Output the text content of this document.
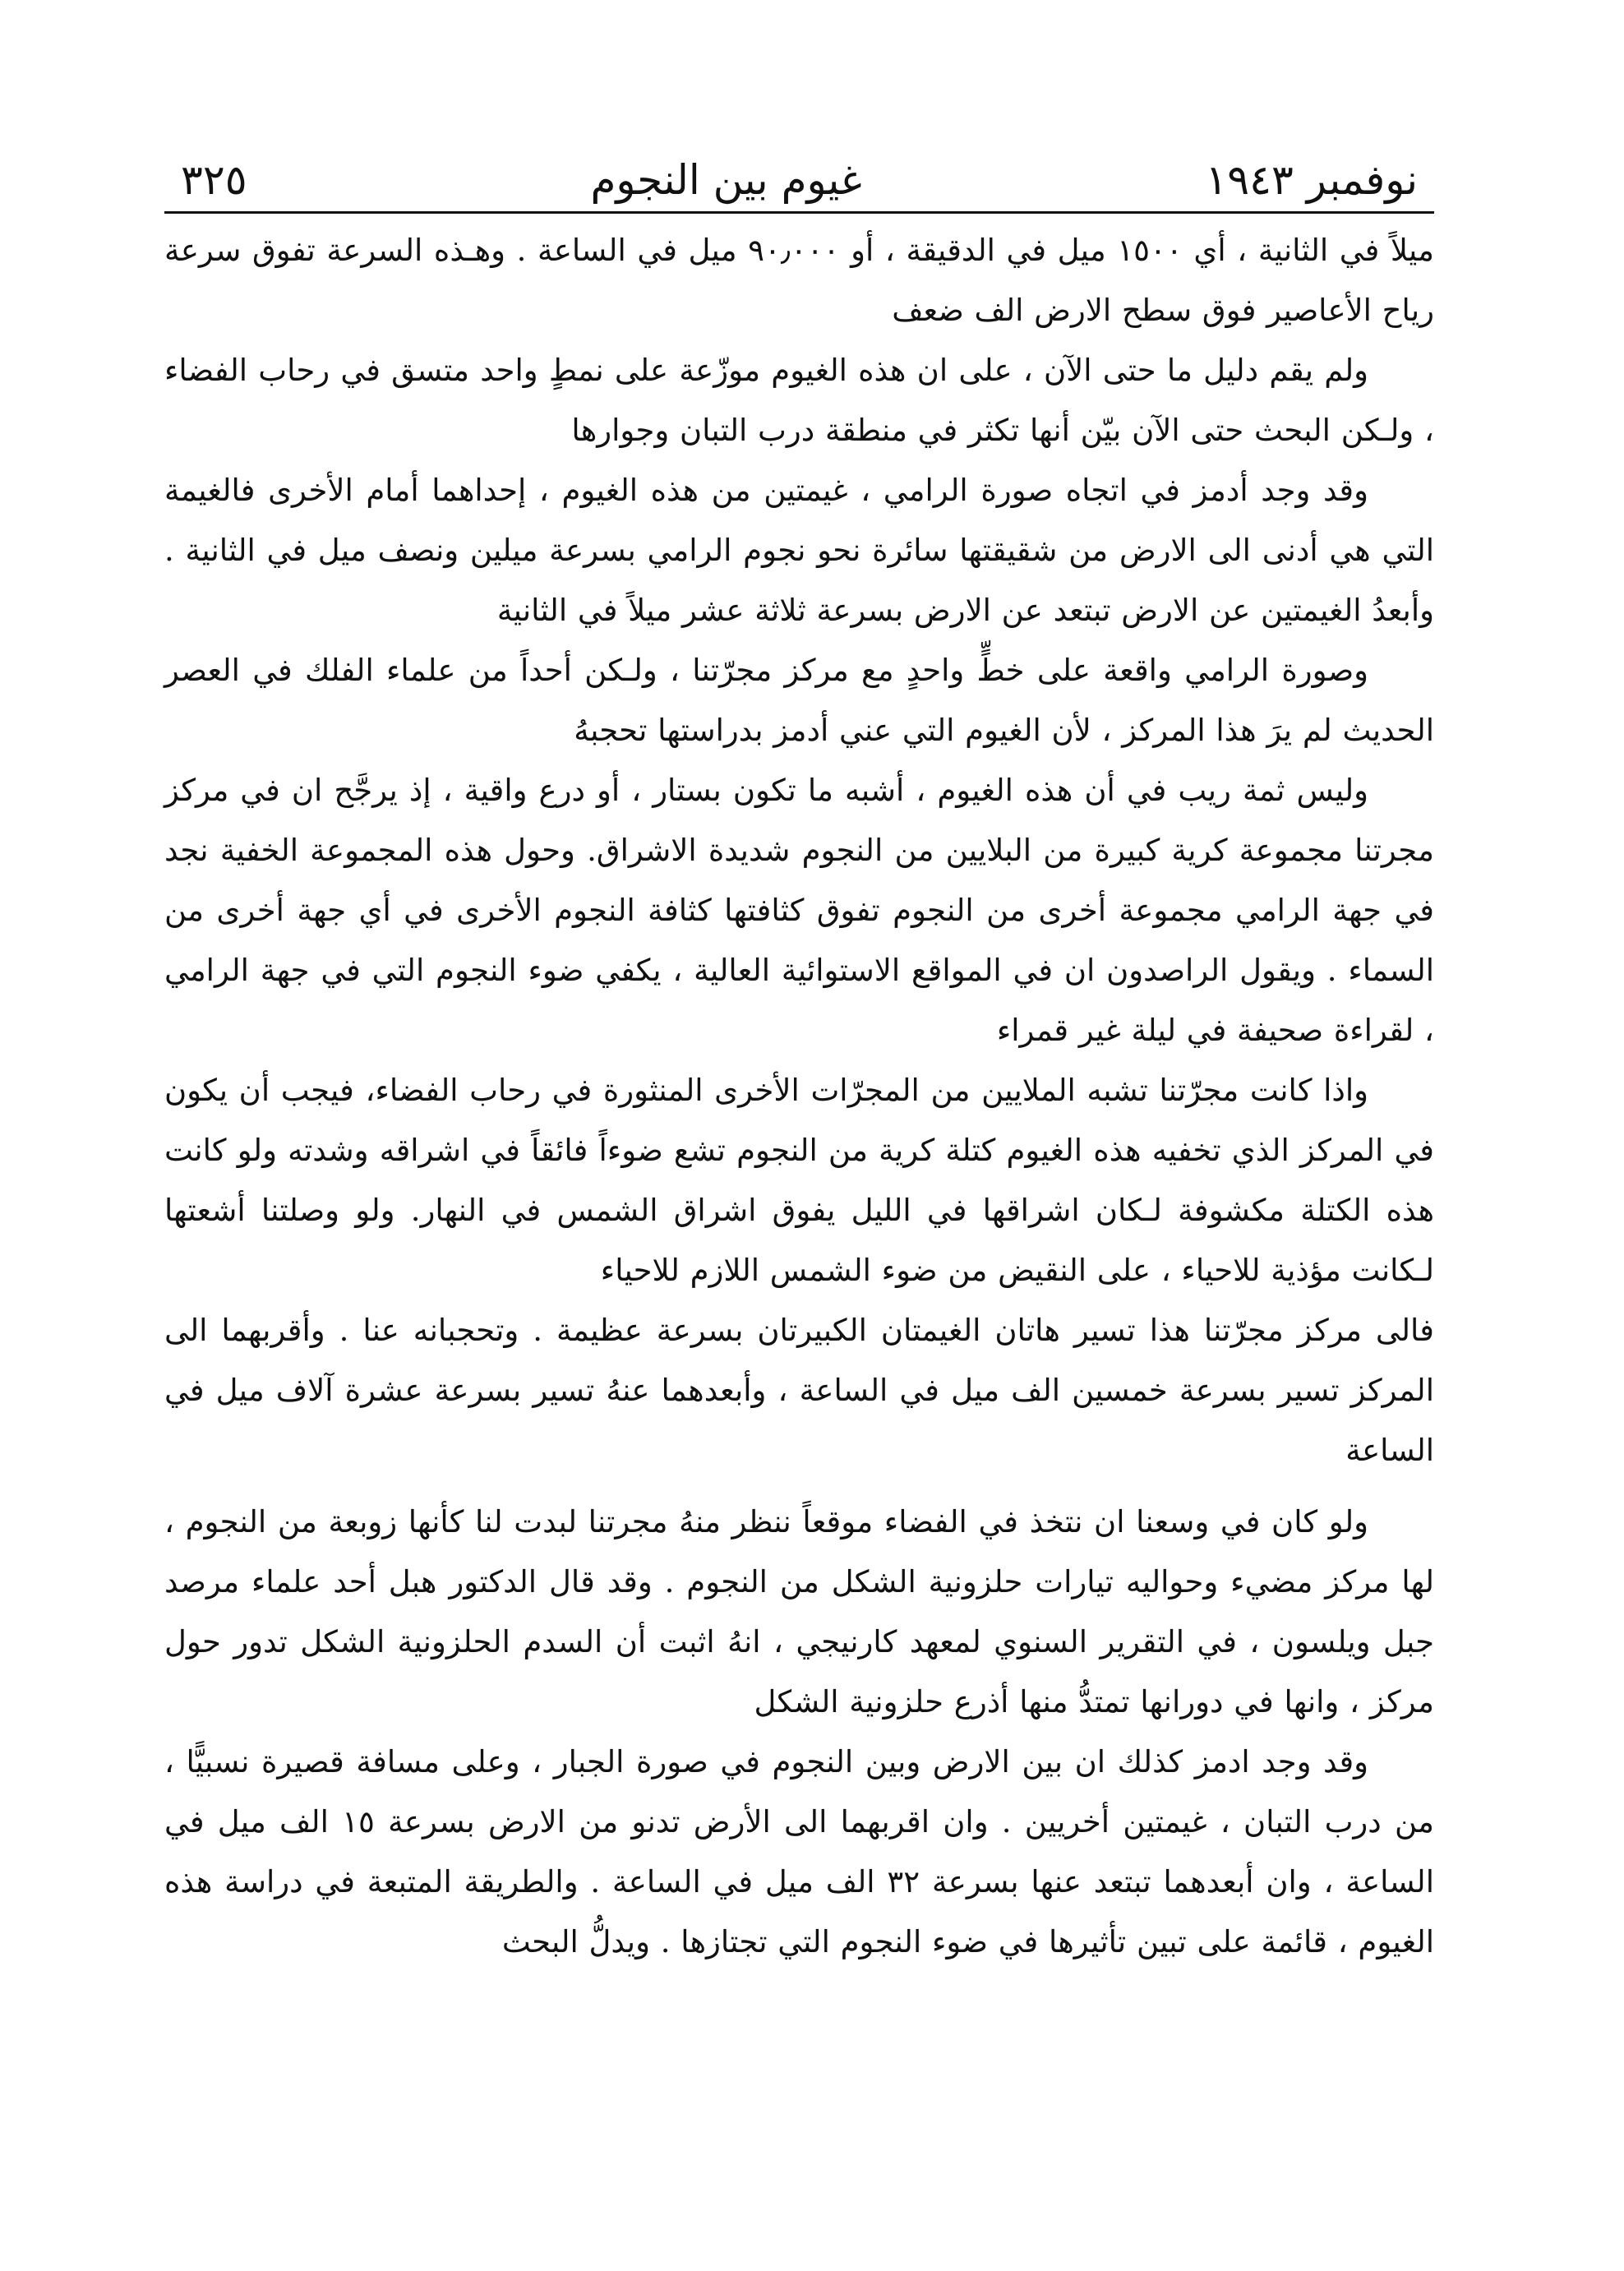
نوفمبر ١٩٤٣
غيوم بين النجوم
٣٢٥

ميلاً في الثانية ، أي ١٥٠٠ ميل في الدقيقة ، أو ٩٠٫٠٠٠ ميل في الساعة . وهـذه السرعة تفوق سرعة رياح الأعاصير فوق سطح الارض الف ضعف

ولم يقم دليل ما حتى الآن ، على ان هذه الغيوم موزّعة على نمطٍ واحد متسق في رحاب الفضاء ، ولـكن البحث حتى الآن بيّن أنها تكثر في منطقة درب التبان وجوارها

وقد وجد أدمز في اتجاه صورة الرامي ، غيمتين من هذه الغيوم ، إحداهما أمام الأخرى فالغيمة التي هي أدنى الى الارض من شقيقتها سائرة نحو نجوم الرامي بسرعة ميلين ونصف ميل في الثانية . وأبعدُ الغيمتين عن الارض تبتعد عن الارض بسرعة ثلاثة عشر ميلاً في الثانية

وصورة الرامي واقعة على خطٍّ واحدٍ مع مركز مجرّتنا ، ولـكن أحداً من علماء الفلك في العصر الحديث لم يرَ هذا المركز ، لأن الغيوم التي عني أدمز بدراستها تحجبهُ

وليس ثمة ريب في أن هذه الغيوم ، أشبه ما تكون بستار ، أو درع واقية ، إذ يرجَّح ان في مركز مجرتنا مجموعة كرية كبيرة من البلايين من النجوم شديدة الاشراق. وحول هذه المجموعة الخفية نجد في جهة الرامي مجموعة أخرى من النجوم تفوق كثافتها كثافة النجوم الأخرى في أي جهة أخرى من السماء . ويقول الراصدون ان في المواقع الاستوائية العالية ، يكفي ضوء النجوم التي في جهة الرامي ، لقراءة صحيفة في ليلة غير قمراء

واذا كانت مجرّتنا تشبه الملايين من المجرّات الأخرى المنثورة في رحاب الفضاء، فيجب أن يكون في المركز الذي تخفيه هذه الغيوم كتلة كرية من النجوم تشع ضوءاً فائقاً في اشراقه وشدته ولو كانت هذه الكتلة مكشوفة لـكان اشراقها في الليل يفوق اشراق الشمس في النهار. ولو وصلتنا أشعتها لـكانت مؤذية للاحياء ، على النقيض من ضوء الشمس اللازم للاحياء

فالى مركز مجرّتنا هذا تسير هاتان الغيمتان الكبيرتان بسرعة عظيمة . وتحجبانه عنا . وأقربهما الى المركز تسير بسرعة خمسين الف ميل في الساعة ، وأبعدهما عنهُ تسير بسرعة عشرة آلاف ميل في الساعة

ولو كان في وسعنا ان نتخذ في الفضاء موقعاً ننظر منهُ مجرتنا لبدت لنا كأنها زوبعة من النجوم ، لها مركز مضيء وحواليه تيارات حلزونية الشكل من النجوم . وقد قال الدكتور هبل أحد علماء مرصد جبل ويلسون ، في التقرير السنوي لمعهد كارنيجي ، انهُ اثبت أن السدم الحلزونية الشكل تدور حول مركز ، وانها في دورانها تمتدُّ منها أذرع حلزونية الشكل

وقد وجد ادمز كذلك ان بين الارض وبين النجوم في صورة الجبار ، وعلى مسافة قصيرة نسبيًّا ، من درب التبان ، غيمتين أخريين . وان اقربهما الى الأرض تدنو من الارض بسرعة ١٥ الف ميل في الساعة ، وان أبعدهما تبتعد عنها بسرعة ٣٢ الف ميل في الساعة . والطريقة المتبعة في دراسة هذه الغيوم ، قائمة على تبين تأثيرها في ضوء النجوم التي تجتازها . ويدلُّ البحث
